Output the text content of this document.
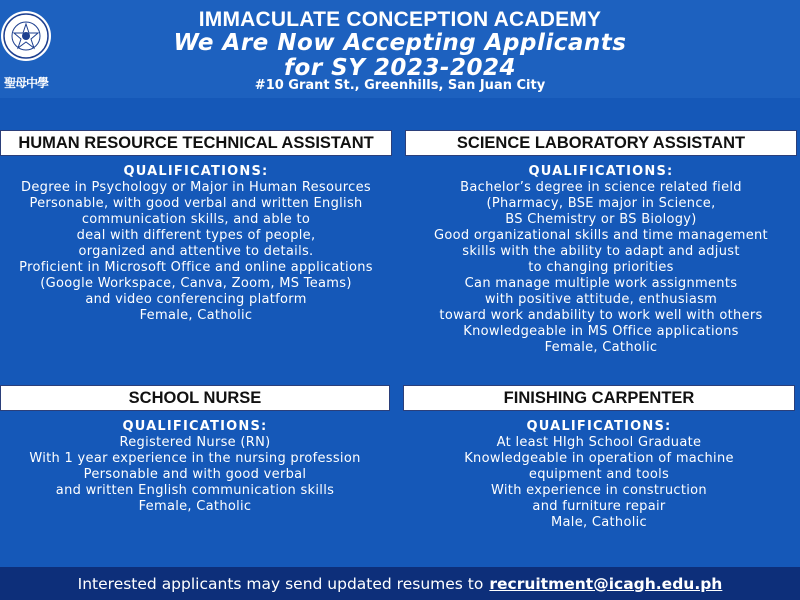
聖母中學
IMMACULATE CONCEPTION ACADEMY
We Are Now Accepting Applicants
for SY 2023-2024
#10 Grant St., Greenhills, San Juan City
HUMAN RESOURCE TECHNICAL ASSISTANT
QUALIFICATIONS:
Degree in Psychology or Major in Human Resources
Personable, with good verbal and written English
communication skills, and able to
deal with different types of people,
organized and attentive to details.
Proficient in Microsoft Office and online applications
(Google Workspace, Canva, Zoom, MS Teams)
and video conferencing platform
Female, Catholic
SCIENCE LABORATORY ASSISTANT
QUALIFICATIONS:
Bachelor’s degree in science related field
(Pharmacy, BSE major in Science,
BS Chemistry or BS Biology)
Good organizational skills and time management
skills with the ability to adapt and adjust
to changing priorities
Can manage multiple work assignments
with positive attitude, enthusiasm
toward work andability to work well with others
Knowledgeable in MS Office applications
Female, Catholic
SCHOOL NURSE
QUALIFICATIONS:
Registered Nurse (RN)
With 1 year experience in the nursing profession
Personable and with good verbal
and written English communication skills
Female, Catholic
FINISHING CARPENTER
QUALIFICATIONS:
At least HIgh School Graduate
Knowledgeable in operation of machine
equipment and tools
With experience in construction
and furniture repair
Male, Catholic
Interested applicants may send updated resumes to recruitment@icagh.edu.ph
